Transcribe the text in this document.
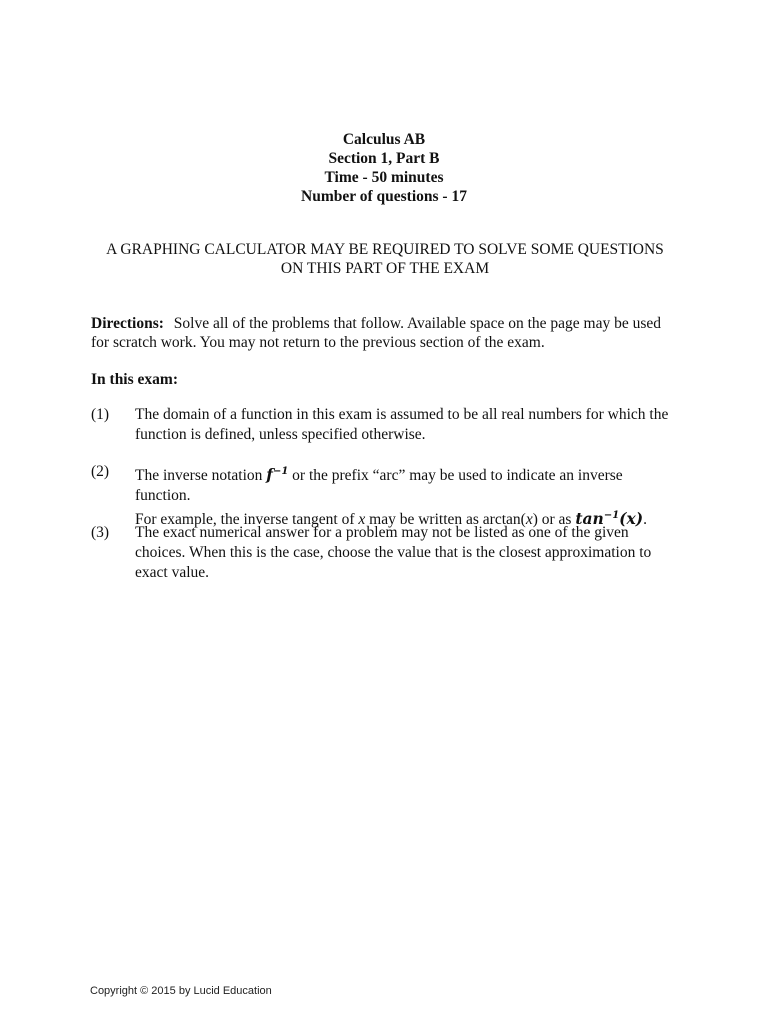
Calculus AB
Section 1, Part B
Time - 50 minutes
Number of questions - 17
A GRAPHING CALCULATOR MAY BE REQUIRED TO SOLVE SOME QUESTIONS
ON THIS PART OF THE EXAM
Directions: Solve all of the problems that follow. Available space on the page may be used for scratch work. You may not return to the previous section of the exam.
In this exam:
(1) The domain of a function in this exam is assumed to be all real numbers for which the function is defined, unless specified otherwise.
(2) The inverse notation $f^{-1}$ or the prefix “arc” may be used to indicate an inverse function.
For example, the inverse tangent of x may be written as arctan(x) or as $\tan^{-1}(x)$.
(3) The exact numerical answer for a problem may not be listed as one of the given choices. When this is the case, choose the value that is the closest approximation to exact value.
Copyright © 2015 by Lucid Education
